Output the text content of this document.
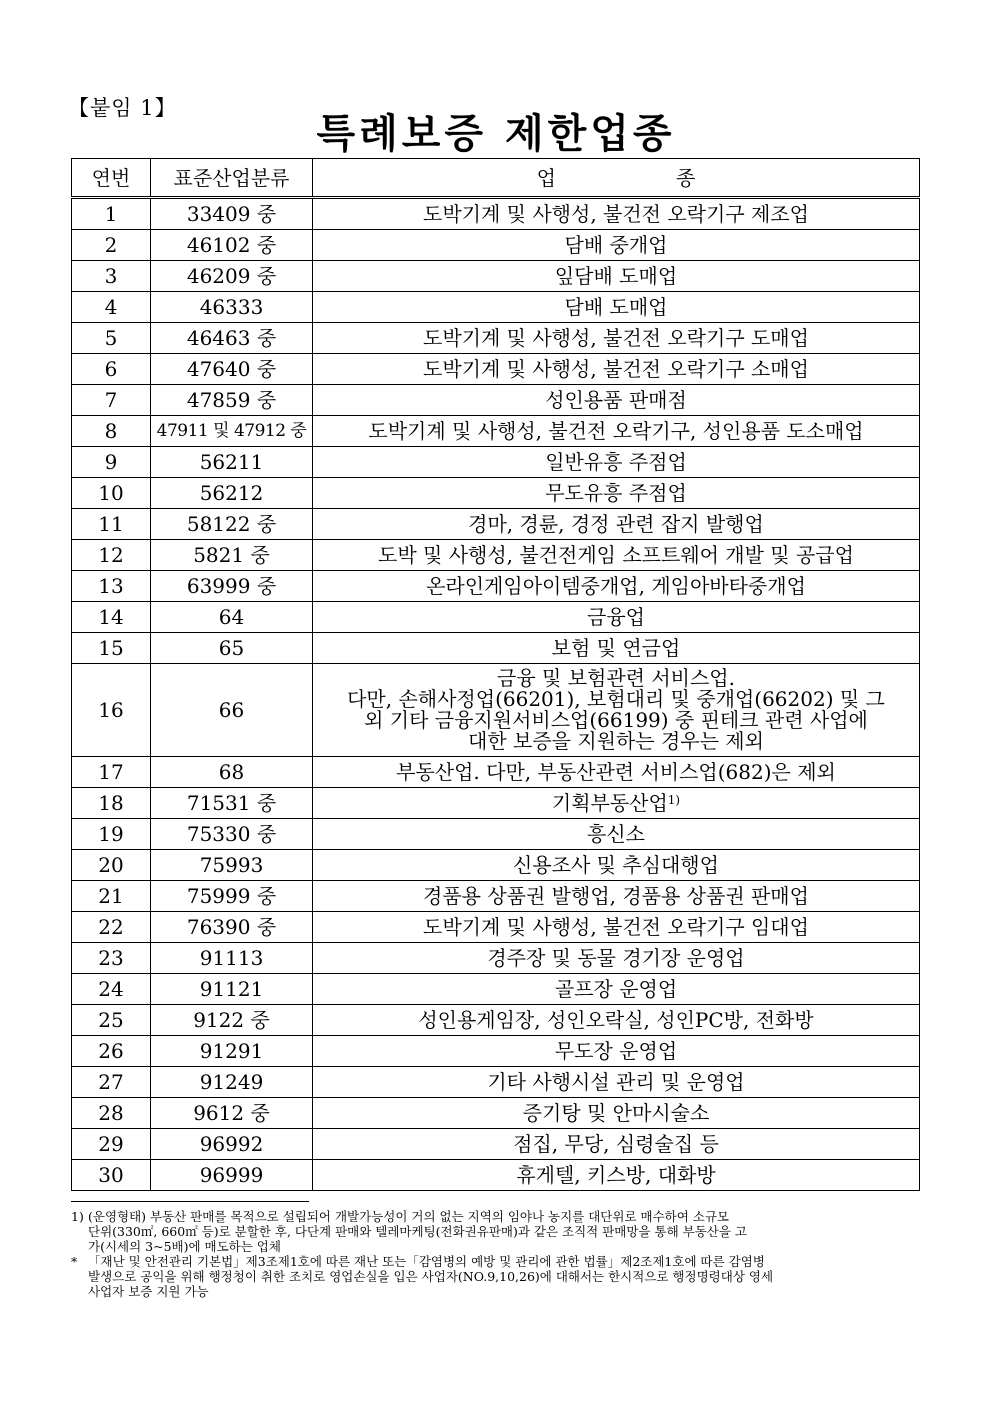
【붙임 1】
특례보증 제한업종
연번	표준산업분류	업종
1	33409 중	도박기계 및 사행성, 불건전 오락기구 제조업

2	46102 중	담배 중개업

3	46209 중	잎담배 도매업

4	46333	담배 도매업

5	46463 중	도박기계 및 사행성, 불건전 오락기구 도매업

6	47640 중	도박기계 및 사행성, 불건전 오락기구 소매업

7	47859 중	성인용품 판매점

8	47911 및 47912 중	도박기계 및 사행성, 불건전 오락기구, 성인용품 도소매업

9	56211	일반유흥 주점업

10	56212	무도유흥 주점업

11	58122 중	경마, 경륜, 경정 관련 잡지 발행업

12	5821 중	도박 및 사행성, 불건전게임 소프트웨어 개발 및 공급업

13	63999 중	온라인게임아이템중개업, 게임아바타중개업

14	64	금융업

15	65	보험 및 연금업

16	66	금융 및 보험관련 서비스업.
다만, 손해사정업(66201), 보험대리 및 중개업(66202) 및 그
외 기타 금융지원서비스업(66199) 중 핀테크 관련 사업에
대한 보증을 지원하는 경우는 제외

17	68	부동산업. 다만, 부동산관련 서비스업(682)은 제외

18	71531 중	기획부동산업$^{1)}$

19	75330 중	흥신소

20	75993	신용조사 및 추심대행업

21	75999 중	경품용 상품권 발행업, 경품용 상품권 판매업

22	76390 중	도박기계 및 사행성, 불건전 오락기구 임대업

23	91113	경주장 및 동물 경기장 운영업

24	91121	골프장 운영업

25	9122 중	성인용게임장, 성인오락실, 성인PC방, 전화방

26	91291	무도장 운영업

27	91249	기타 사행시설 관리 및 운영업

28	9612 중	증기탕 및 안마시술소

29	96992	점집, 무당, 심령술집 등

30	96999	휴게텔, 키스방, 대화방
1) (운영형태) 부동산 판매를 목적으로 설립되어 개발가능성이 거의 없는 지역의 임야나 농지를 대단위로 매수하여 소규모
단위(330㎡, 660㎡ 등)로 분할한 후, 다단계 판매와 텔레마케팅(전화권유판매)과 같은 조직적 판매망을 통해 부동산을 고
가(시세의 3~5배)에 매도하는 업체
* 「재난 및 안전관리 기본법」제3조제1호에 따른 재난 또는「감염병의 예방 및 관리에 관한 법률」제2조제1호에 따른 감염병
발생으로 공익을 위해 행정청이 취한 조치로 영업손실을 입은 사업자(NO.9,10,26)에 대해서는 한시적으로 행정명령대상 영세
사업자 보증 지원 가능
